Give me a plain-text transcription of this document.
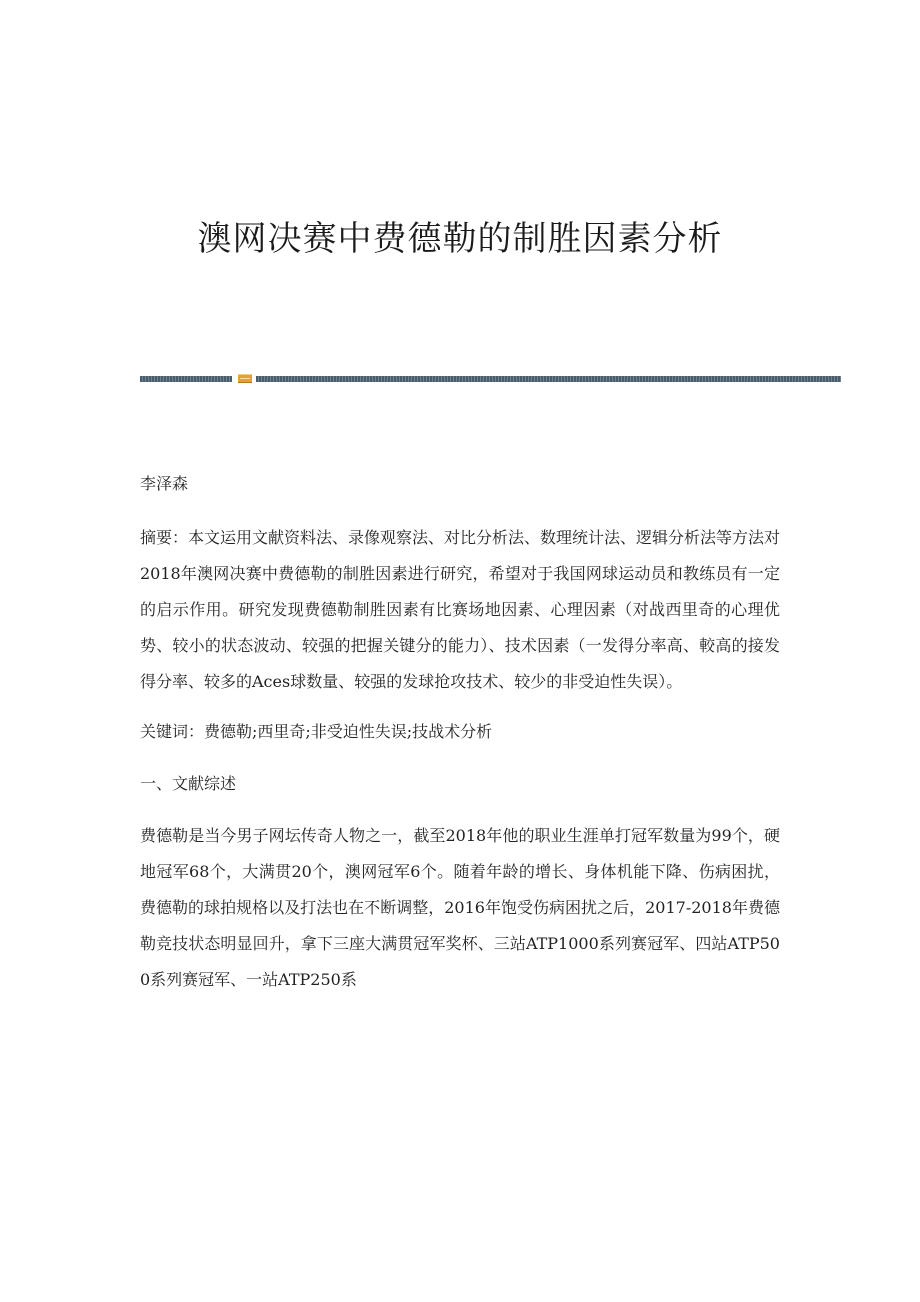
澳网决赛中费德勒的制胜因素分析

李泽森

摘要：本文运用文献资料法、录像观察法、对比分析法、数理统计法、逻辑分析法等方法对2018年澳网决赛中费德勒的制胜因素进行研究，希望对于我国网球运动员和教练员有一定的启示作用。研究发现费德勒制胜因素有比赛场地因素、心理因素（对战西里奇的心理优势、较小的状态波动、较强的把握关键分的能力）、技术因素（一发得分率高、較高的接发得分率、较多的Aces球数量、较强的发球抢攻技术、较少的非受迫性失误）。

关键词：费德勒;西里奇;非受迫性失误;技战术分析

一、文献综述

费德勒是当今男子网坛传奇人物之一，截至2018年他的职业生涯单打冠军数量为99个，硬地冠军68个，大满贯20个，澳网冠军6个。随着年龄的增长、身体机能下降、伤病困扰，费德勒的球拍规格以及打法也在不断调整，2016年饱受伤病困扰之后，2017-2018年费德勒竞技状态明显回升，拿下三座大满贯冠军奖杯、三站ATP1000系列赛冠军、四站ATP500系列赛冠军、一站ATP250系
